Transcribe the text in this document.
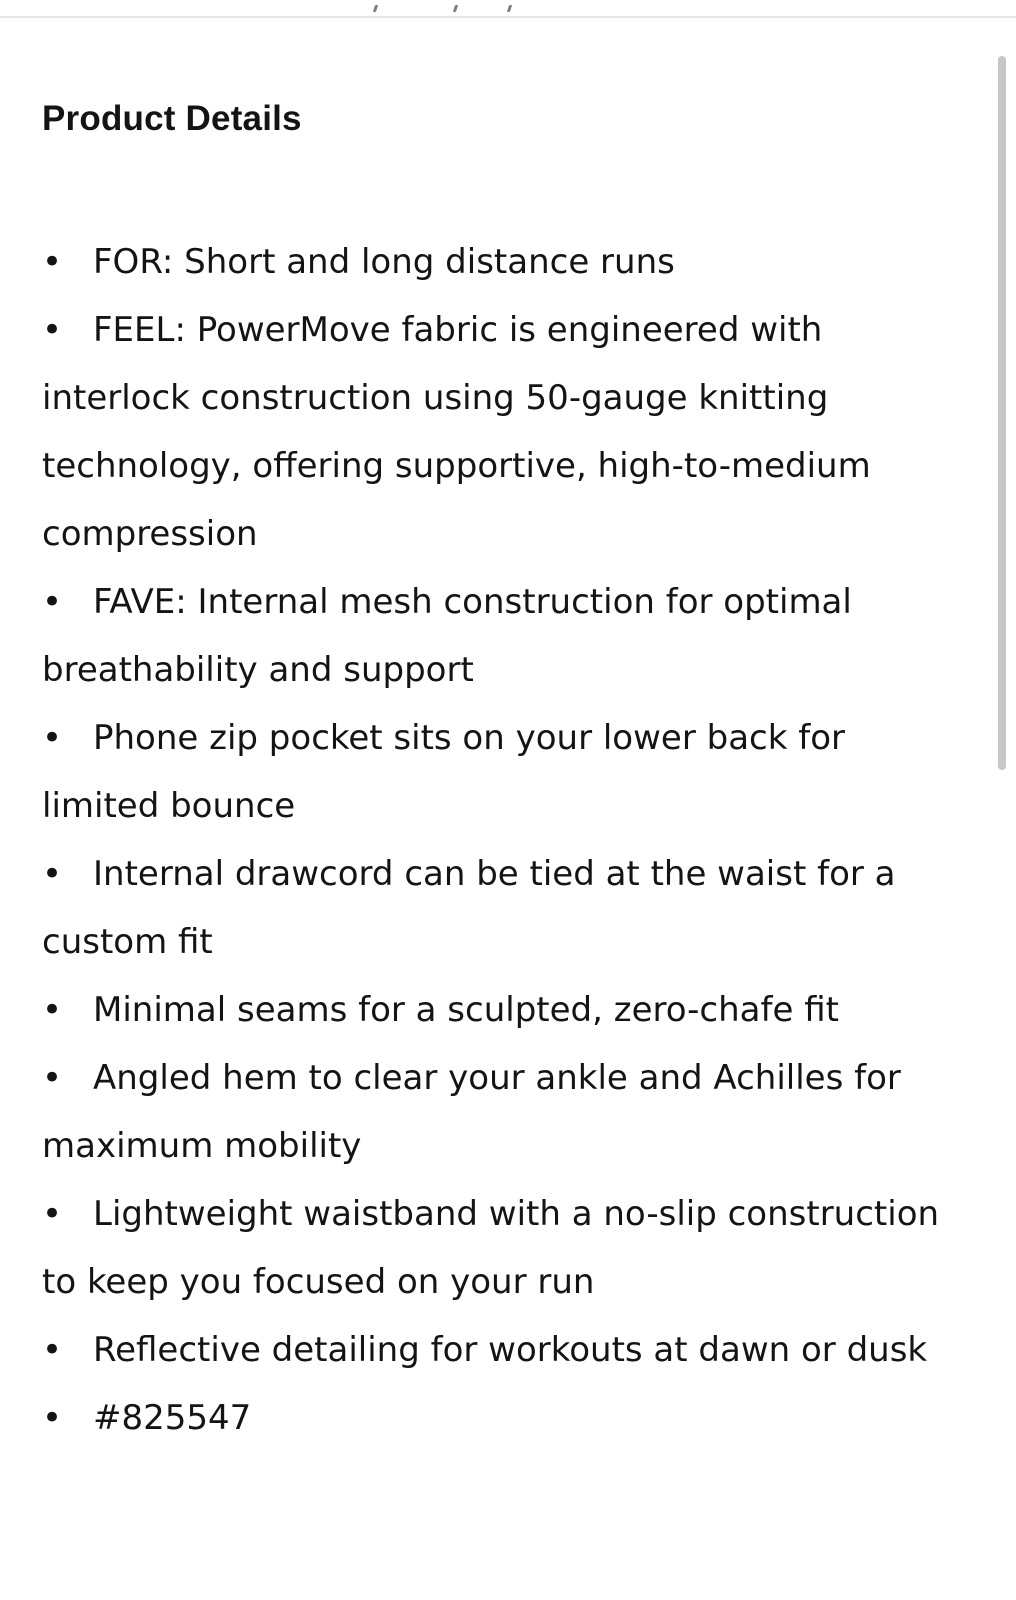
Product Details
• FOR: Short and long distance runs
• FEEL: PowerMove fabric is engineered with interlock construction using 50-gauge knitting technology, offering supportive, high-to-medium compression
• FAVE: Internal mesh construction for optimal breathability and support
• Phone zip pocket sits on your lower back for limited bounce
• Internal drawcord can be tied at the waist for a custom fit
• Minimal seams for a sculpted, zero-chafe fit
• Angled hem to clear your ankle and Achilles for maximum mobility
• Lightweight waistband with a no-slip construction to keep you focused on your run
• Reflective detailing for workouts at dawn or dusk
• #825547
